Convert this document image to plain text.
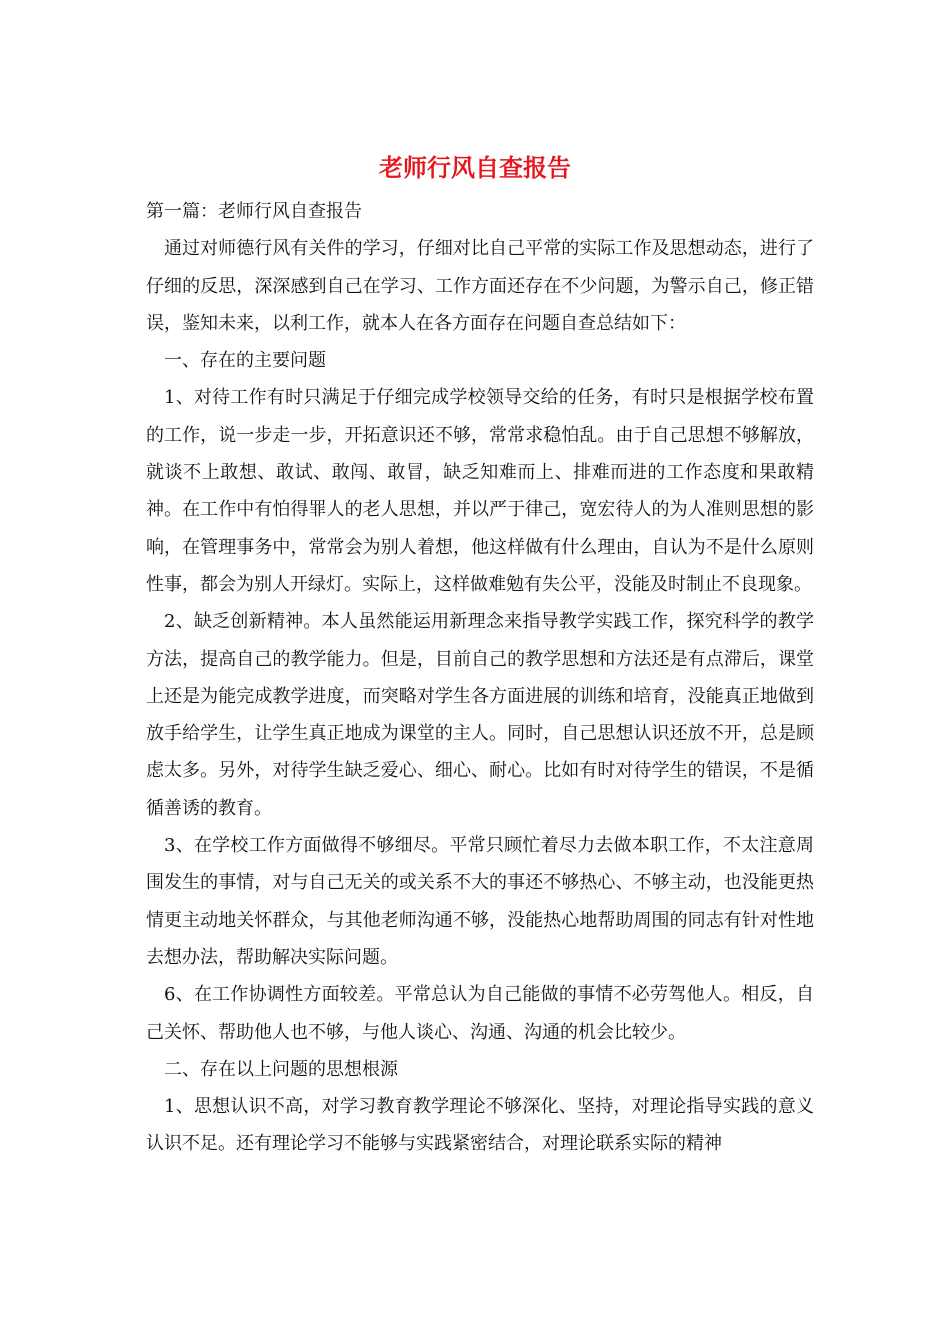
老师行风自查报告

第一篇：老师行风自查报告

通过对师德行风有关件的学习，仔细对比自己平常的实际工作及思想动态，进行了仔细的反思，深深感到自己在学习、工作方面还存在不少问题，为警示自己，修正错误，鉴知未来，以利工作，就本人在各方面存在问题自查总结如下：

一、存在的主要问题

1、对待工作有时只满足于仔细完成学校领导交给的任务，有时只是根据学校布置的工作，说一步走一步，开拓意识还不够，常常求稳怕乱。由于自己思想不够解放，就谈不上敢想、敢试、敢闯、敢冒，缺乏知难而上、排难而进的工作态度和果敢精神。在工作中有怕得罪人的老人思想，并以严于律己，宽宏待人的为人准则思想的影响，在管理事务中，常常会为别人着想，他这样做有什么理由，自认为不是什么原则性事，都会为别人开绿灯。实际上，这样做难勉有失公平，没能及时制止不良现象。

2、缺乏创新精神。本人虽然能运用新理念来指导教学实践工作，探究科学的教学方法，提高自己的教学能力。但是，目前自己的教学思想和方法还是有点滞后，课堂上还是为能完成教学进度，而突略对学生各方面进展的训练和培育，没能真正地做到放手给学生，让学生真正地成为课堂的主人。同时，自己思想认识还放不开，总是顾虑太多。另外，对待学生缺乏爱心、细心、耐心。比如有时对待学生的错误，不是循循善诱的教育。

3、在学校工作方面做得不够细尽。平常只顾忙着尽力去做本职工作，不太注意周围发生的事情，对与自己无关的或关系不大的事还不够热心、不够主动，也没能更热情更主动地关怀群众，与其他老师沟通不够，没能热心地帮助周围的同志有针对性地去想办法，帮助解决实际问题。

6、在工作协调性方面较差。平常总认为自己能做的事情不必劳驾他人。相反，自己关怀、帮助他人也不够，与他人谈心、沟通、沟通的机会比较少。

二、存在以上问题的思想根源

1、思想认识不高，对学习教育教学理论不够深化、坚持，对理论指导实践的意义认识不足。还有理论学习不能够与实践紧密结合，对理论联系实际的精神
